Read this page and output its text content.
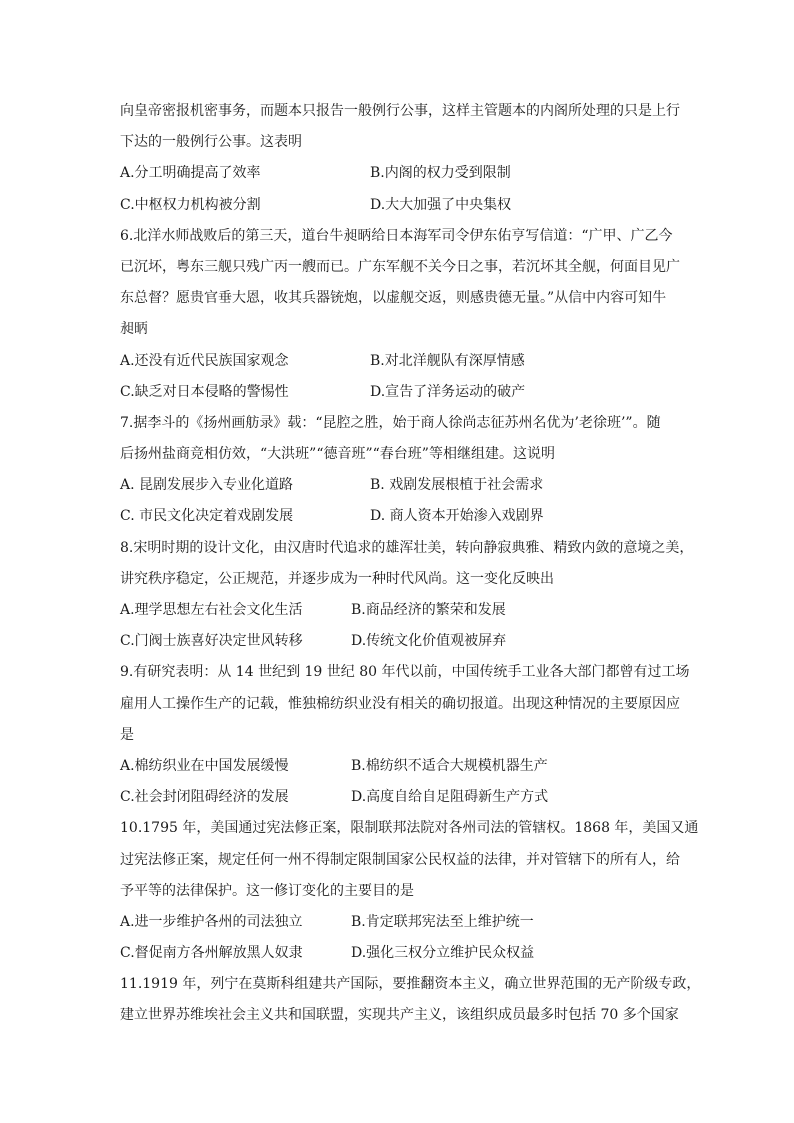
向皇帝密报机密事务，而题本只报告一般例行公事，这样主管题本的内阁所处理的只是上行
下达的一般例行公事。这表明
A.分工明确提高了效率	B.内阁的权力受到限制
C.中枢权力机构被分割	D.大大加强了中央集权
6.北洋水师战败后的第三天，道台牛昶昞给日本海军司令伊东佑亨写信道：“广甲、广乙今
已沉坏，粤东三舰只残广丙一艘而已。广东军舰不关今日之事，若沉坏其全舰，何面目见广
东总督？愿贵官垂大恩，收其兵器铳炮，以虚舰交返，则感贵德无量。”从信中内容可知牛
昶昞
A.还没有近代民族国家观念	B.对北洋舰队有深厚情感
C.缺乏对日本侵略的警惕性	D.宣告了洋务运动的破产
7.据李斗的《扬州画舫录》载：“昆腔之胜，始于商人徐尚志征苏州名优为’老徐班’”。随
后扬州盐商竞相仿效，“大洪班”“德音班”“春台班”等相继组建。这说明
A. 昆剧发展步入专业化道路	B. 戏剧发展根植于社会需求
C. 市民文化决定着戏剧发展	D. 商人资本开始渗入戏剧界
8.宋明时期的设计文化，由汉唐时代追求的雄浑壮美，转向静寂典雅、精致内敛的意境之美，
讲究秩序稳定，公正规范，并逐步成为一种时代风尚。这一变化反映出
A.理学思想左右社会文化生活	B.商品经济的繁荣和发展
C.门阀士族喜好决定世风转移	D.传统文化价值观被屏弃
9.有研究表明：从 14 世纪到 19 世纪 80 年代以前，中国传统手工业各大部门都曾有过工场
雇用人工操作生产的记载，惟独棉纺织业没有相关的确切报道。出现这种情况的主要原因应
是
A.棉纺织业在中国发展缓慢	B.棉纺织不适合大规模机器生产
C.社会封闭阻碍经济的发展	D.高度自给自足阻碍新生产方式
10.1795 年，美国通过宪法修正案，限制联邦法院对各州司法的管辖权。1868 年，美国又通
过宪法修正案，规定任何一州不得制定限制国家公民权益的法律，并对管辖下的所有人，给
予平等的法律保护。这一修订变化的主要目的是
A.进一步维护各州的司法独立	B.肯定联邦宪法至上维护统一
C.督促南方各州解放黑人奴隶	D.强化三权分立维护民众权益
11.1919 年，列宁在莫斯科组建共产国际，要推翻资本主义，确立世界范围的无产阶级专政，
建立世界苏维埃社会主义共和国联盟，实现共产主义，该组织成员最多时包括 70 多个国家
